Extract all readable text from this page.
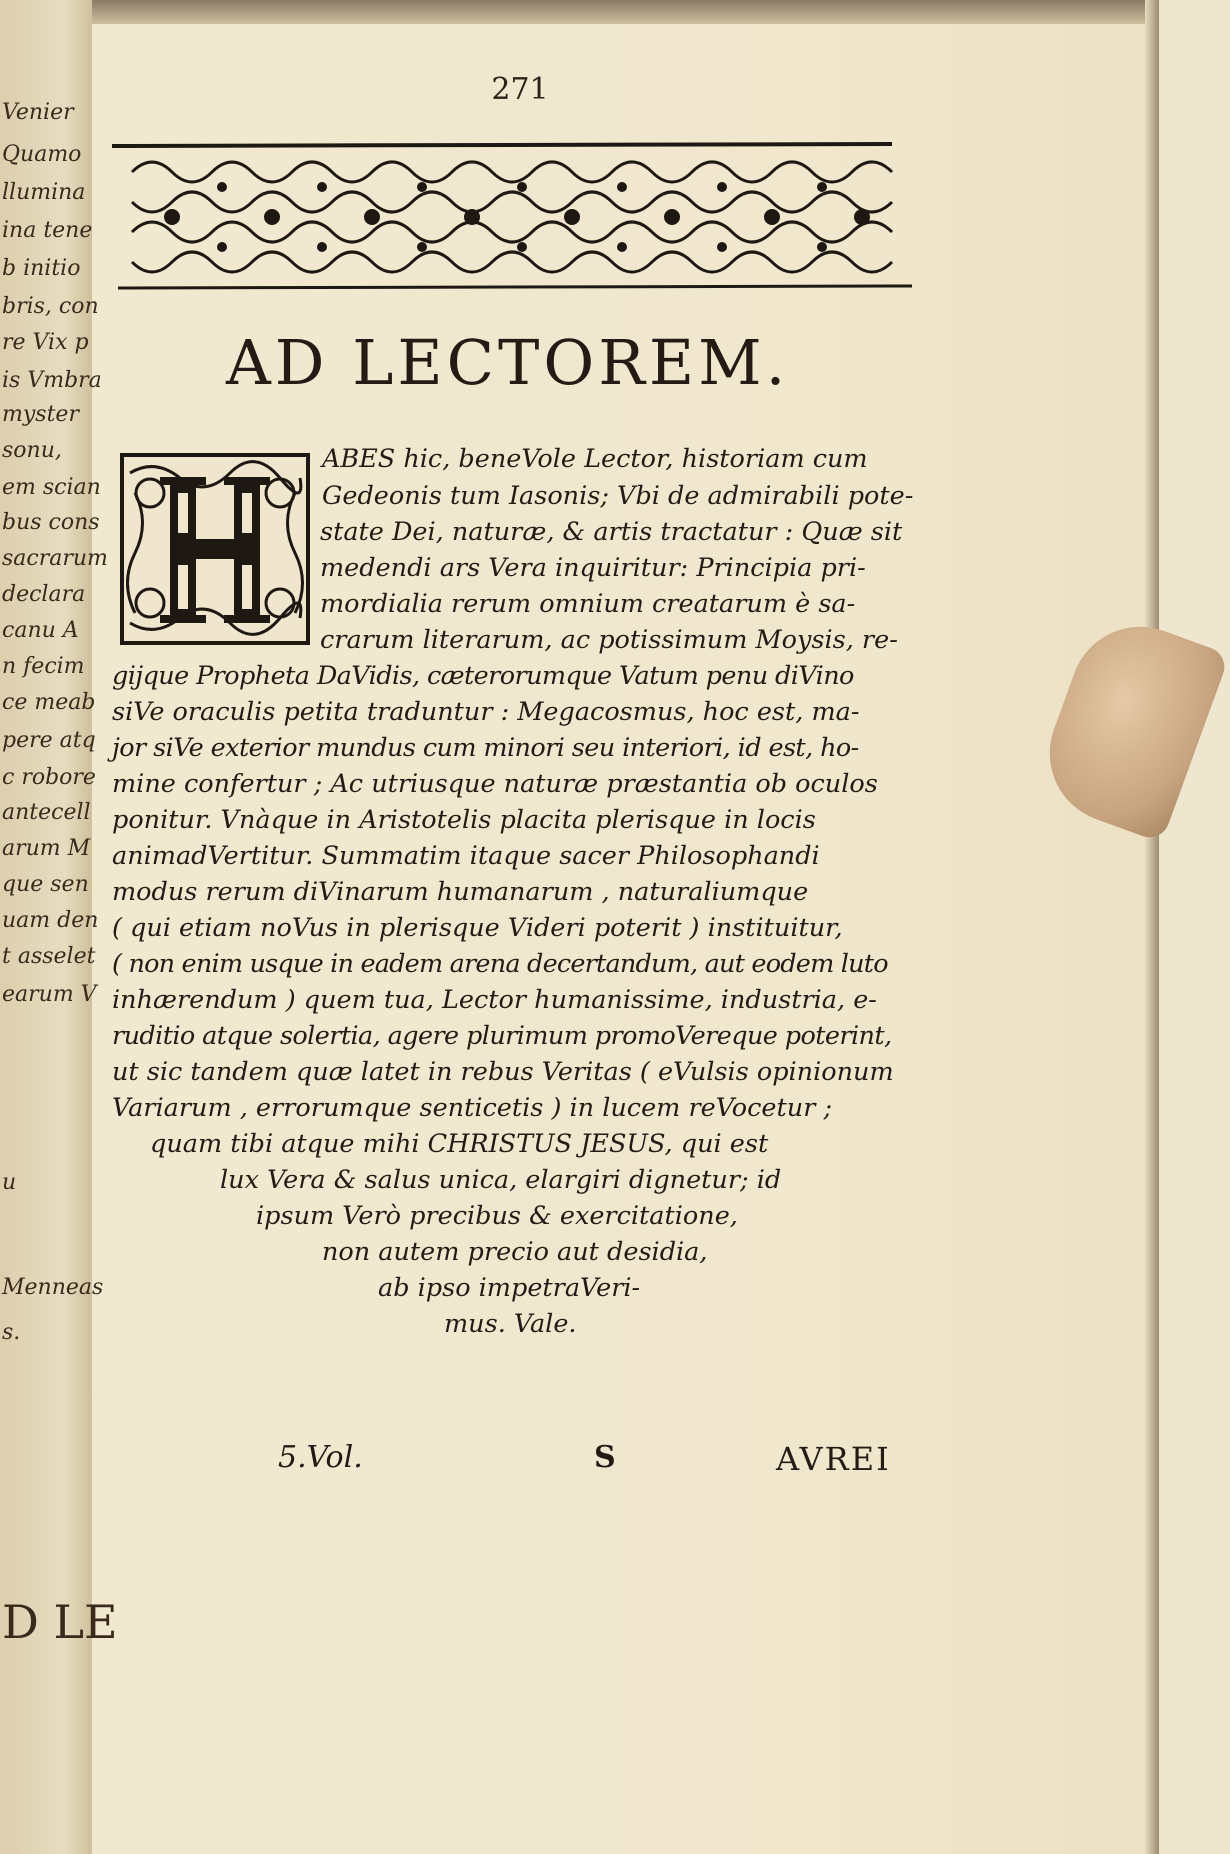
Venier
Quamo
llumina
ina tene
b initio
bris, con
re Vix p
is Vmbra
myster
sonu,
em scian
bus cons
sacrarum
declara
canu A
n fecim
ce meab
pere atq
c robore
antecell
arum M
que sen
uam den
t asselet
earum V
u
Menneas
s.
D LE
271
AD LECTOREM.
ABES hic, beneVole Lector, historiam cum
Gedeonis tum Iasonis; Vbi de admirabili pote-
state Dei, naturæ, & artis tractatur : Quæ sit
medendi ars Vera inquiritur: Principia pri-
mordialia rerum omnium creatarum è sa-
crarum literarum, ac potissimum Moysis, re-
gijque Propheta DaVidis, cæterorumque Vatum penu diVino
siVe oraculis petita traduntur : Megacosmus, hoc est, ma-
jor siVe exterior mundus cum minori seu interiori, id est, ho-
mine confertur ; Ac utriusque naturæ præstantia ob oculos
ponitur. Vnàque in Aristotelis placita plerisque in locis
animadVertitur. Summatim itaque sacer Philosophandi
modus rerum diVinarum humanarum , naturaliumque
( qui etiam noVus in plerisque Videri poterit ) instituitur,
( non enim usque in eadem arena decertandum, aut eodem luto
inhærendum ) quem tua, Lector humanissime, industria, e-
ruditio atque solertia, agere plurimum promoVereque poterint,
ut sic tandem quæ latet in rebus Veritas ( eVulsis opinionum
Variarum , errorumque senticetis ) in lucem reVocetur ;
quam tibi atque mihi CHRISTUS JESUS, qui est
lux Vera & salus unica, elargiri dignetur; id
ipsum Verò precibus & exercitatione,
non autem precio aut desidia,
ab ipso impetraVeri-
mus. Vale.
5.Vol.	S	AVREI
